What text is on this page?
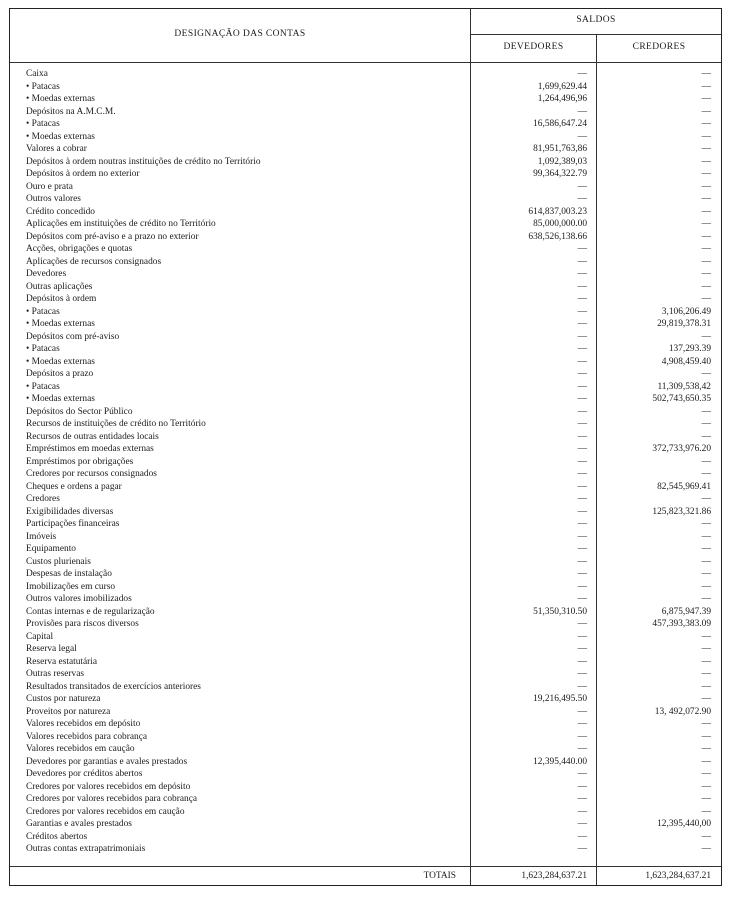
DESIGNAÇÃO DAS CONTAS
SALDOS
DEVEDORES	CREDORES
Caixa	—	—
• Patacas	1,699,629.44	—
• Moedas externas	1,264,496,96	—
Depósitos na A.M.C.M.	—	—
• Patacas	16,586,647.24	—
• Moedas externas	—	—
Valores a cobrar	81,951,763,86	—
Depósitos à ordem noutras instituições de crédito no Território	1,092,389,03	—
Depósitos à ordem no exterior	99,364,322.79	—
Ouro e prata	—	—
Outros valores	—	—
Crédito concedido	614,837,003.23	—
Aplicações em instituições de crédito no Território	85,000,000.00	—
Depósitos com pré-aviso e a prazo no exterior	638,526,138.66	—
Acções, obrigações e quotas	—	—
Aplicações de recursos consignados	—	—
Devedores	—	—
Outras aplicações	—	—
Depósitos à ordem	—	—
• Patacas	—	3,106,206.49
• Moedas externas	—	29,819,378.31
Depósitos com pré-aviso	—	—
• Patacas	—	137,293.39
• Moedas externas	—	4,908,459.40
Depósitos a prazo	—	—
• Patacas	—	11,309,538,42
• Moedas externas	—	502,743,650.35
Depósitos do Sector Público	—	—
Recursos de instituições de crédito no Território	—	—
Recursos de outras entidades locais	—	—
Empréstimos em moedas externas	—	372,733,976.20
Empréstimos por obrigações	—	—
Credores por recursos consignados	—	—
Cheques e ordens a pagar	—	82,545,969.41
Credores	—	—
Exigibilidades diversas	—	125,823,321.86
Participações financeiras	—	—
Imóveis	—	—
Equipamento	—	—
Custos plurienais	—	—
Despesas de instalação	—	—
Imobilizações em curso	—	—
Outros valores imobilizados	—	—
Contas internas e de regularização	51,350,310.50	6,875,947.39
Provisões para riscos diversos	—	457,393,383.09
Capital	—	—
Reserva legal	—	—
Reserva estatutária	—	—
Outras reservas	—	—
Resultados transitados de exercícios anteriores	—	—
Custos por natureza	19,216,495.50	—
Proveitos por natureza	—	13, 492,072.90
Valores recebidos em depósito	—	—
Valores recebidos para cobrança	—	—
Valores recebidos em caução	—	—
Devedores por garantias e avales prestados	12,395,440.00	—
Devedores por créditos abertos	—	—
Credores por valores recebidos em depósito	—	—
Credores por valores recebidos para cobrança	—	—
Credores por valores recebidos em caução	—	—
Garantias e avales prestados	—	12,395,440,00
Créditos abertos	—	—
Outras contas extrapatrimoniais	—	—
TOTAIS	1,623,284,637.21	1,623,284,637.21
